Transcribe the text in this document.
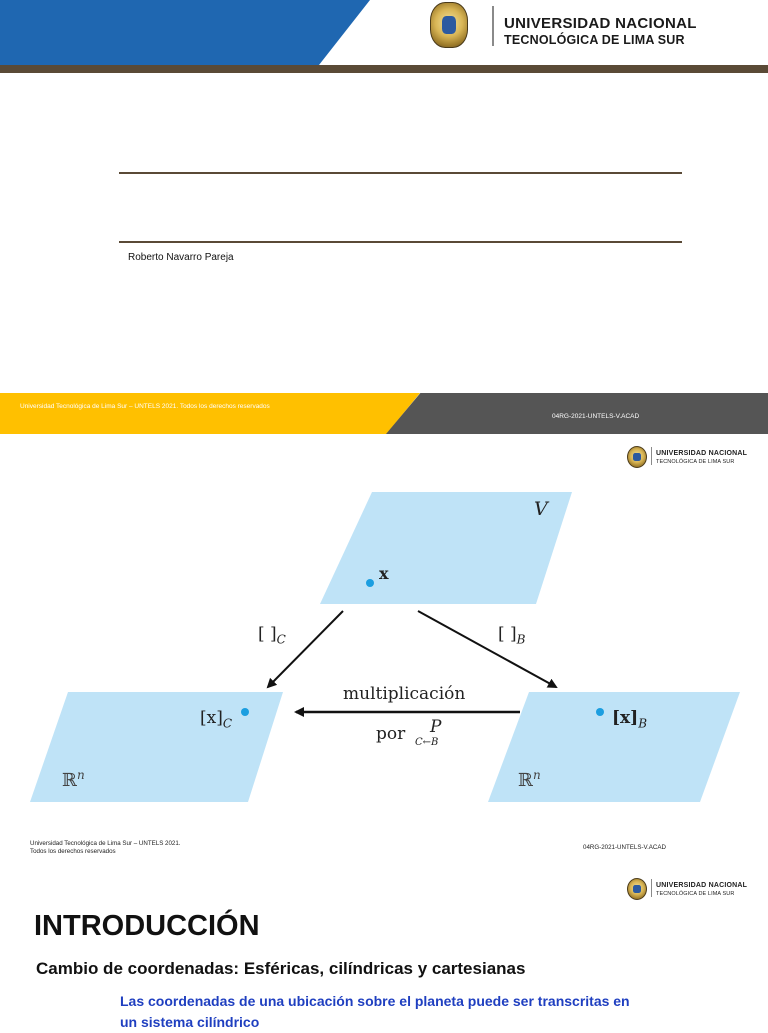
UNIVERSIDAD NACIONAL
TECNOLÓGICA DE LIMA SUR
Roberto Navarro Pareja
Universidad Tecnológica de Lima Sur – UNTELS 2021. Todos los derechos reservados
04RG-2021-UNTELS-V.ACAD
UNIVERSIDAD NACIONAL
TECNOLÓGICA DE LIMA SUR
V
x
[ ]$_C$	[ ]$_B$
$[x]_C$	$[x]_B$
multiplicación
por P
C←B
ℝ$^n$	ℝ$^n$
Universidad Tecnológica de Lima Sur – UNTELS 2021.
Todos los derechos reservados
04RG-2021-UNTELS-V.ACAD
UNIVERSIDAD NACIONAL
TECNOLÓGICA DE LIMA SUR
INTRODUCCIÓN
Cambio de coordenadas: Esféricas, cilíndricas y cartesianas
Las coordenadas de una ubicación sobre el planeta puede ser transcritas en un sistema cilíndrico
